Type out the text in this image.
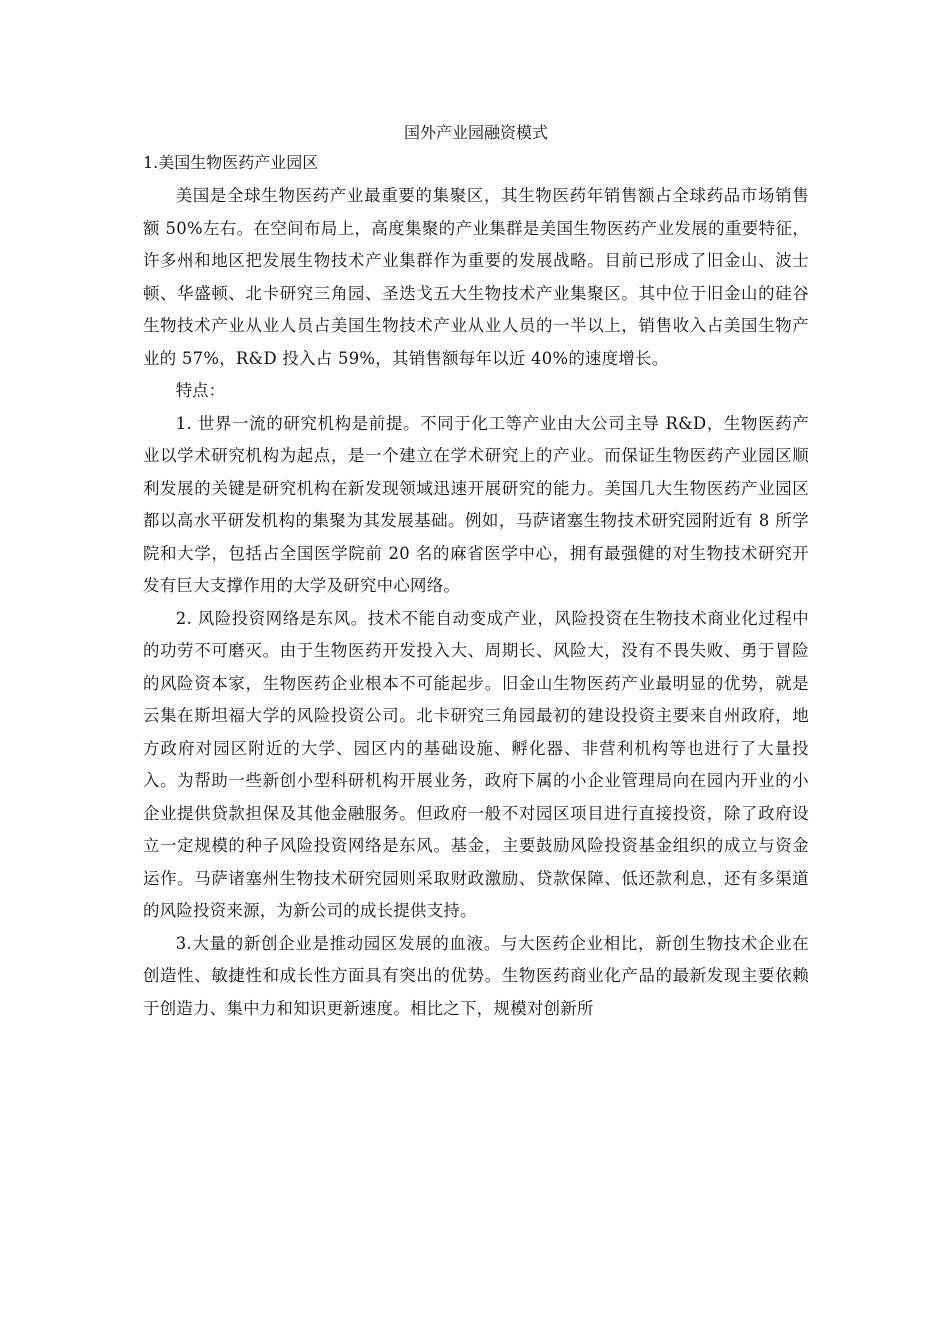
国外产业园融资模式
1.美国生物医药产业园区

美国是全球生物医药产业最重要的集聚区，其生物医药年销售额占全球药品市场销售额 50%左右。在空间布局上，高度集聚的产业集群是美国生物医药产业发展的重要特征，许多州和地区把发展生物技术产业集群作为重要的发展战略。目前已形成了旧金山、波士顿、华盛顿、北卡研究三角园、圣迭戈五大生物技术产业集聚区。其中位于旧金山的硅谷生物技术产业从业人员占美国生物技术产业从业人员的一半以上，销售收入占美国生物产业的 57%，R&D 投入占 59%，其销售额每年以近 40%的速度增长。

特点：

1. 世界一流的研究机构是前提。不同于化工等产业由大公司主导 R&D，生物医药产业以学术研究机构为起点，是一个建立在学术研究上的产业。而保证生物医药产业园区顺利发展的关键是研究机构在新发现领域迅速开展研究的能力。美国几大生物医药产业园区都以高水平研发机构的集聚为其发展基础。例如，马萨诸塞生物技术研究园附近有 8 所学院和大学，包括占全国医学院前 20 名的麻省医学中心，拥有最强健的对生物技术研究开发有巨大支撑作用的大学及研究中心网络。

2. 风险投资网络是东风。技术不能自动变成产业，风险投资在生物技术商业化过程中的功劳不可磨灭。由于生物医药开发投入大、周期长、风险大，没有不畏失败、勇于冒险的风险资本家，生物医药企业根本不可能起步。旧金山生物医药产业最明显的优势，就是云集在斯坦福大学的风险投资公司。北卡研究三角园最初的建设投资主要来自州政府，地方政府对园区附近的大学、园区内的基础设施、孵化器、非营利机构等也进行了大量投入。为帮助一些新创小型科研机构开展业务，政府下属的小企业管理局向在园内开业的小企业提供贷款担保及其他金融服务。但政府一般不对园区项目进行直接投资，除了政府设立一定规模的种子风险投资网络是东风。基金，主要鼓励风险投资基金组织的成立与资金运作。马萨诸塞州生物技术研究园则采取财政激励、贷款保障、低还款利息，还有多渠道的风险投资来源，为新公司的成长提供支持。

3.大量的新创企业是推动园区发展的血液。与大医药企业相比，新创生物技术企业在创造性、敏捷性和成长性方面具有突出的优势。生物医药商业化产品的最新发现主要依赖于创造力、集中力和知识更新速度。相比之下，规模对创新所
